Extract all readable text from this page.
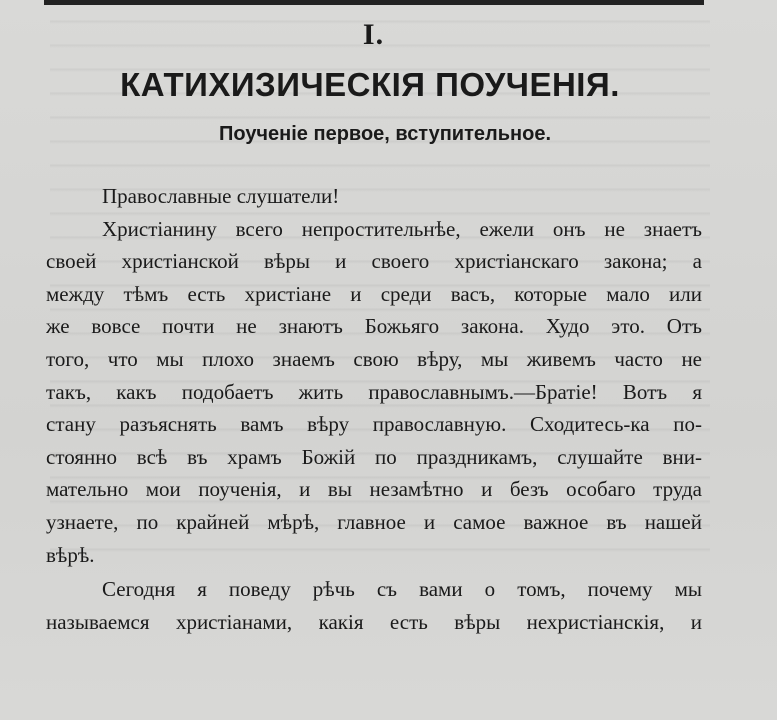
I.
КАТИХИЗИЧЕСКІЯ ПОУЧЕНІЯ.
Поученіе первое, вступительное.
Православные слушатели!
Христіанину всего непростительнѣе, ежели онъ не знаетъ
своей христіанской вѣры и своего христіанскаго закона; а
между тѣмъ есть христіане и среди васъ, которые мало или
же вовсе почти не знаютъ Божьяго закона. Худо это. Отъ
того, что мы плохо знаемъ свою вѣру, мы живемъ часто не
такъ, какъ подобаетъ жить православнымъ.—Братіе! Вотъ я
стану разъяснять вамъ вѣру православную. Сходитесь-ка по-
стоянно всѣ въ храмъ Божій по праздникамъ, слушайте вни-
мательно мои поученія, и вы незамѣтно и безъ особаго труда
узнаете, по крайней мѣрѣ, главное и самое важное въ нашей
вѣрѣ.
Сегодня я поведу рѣчь съ вами о томъ, почему мы
называемся христіанами, какія есть вѣры нехристіанскія, и
